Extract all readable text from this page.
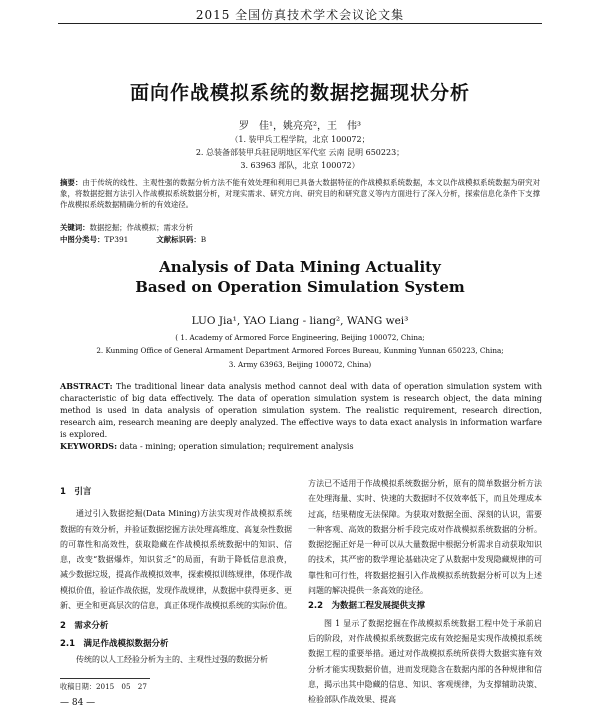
2015 全国仿真技术学术会议论文集
面向作战模拟系统的数据挖掘现状分析
罗　佳¹，姚亮亮²，王　伟³
（1. 装甲兵工程学院，北京 100072；
2. 总装备部装甲兵驻昆明地区军代室 云南 昆明 650223；
3. 63963 部队，北京 100072）
摘要：由于传统的线性、主观性强的数据分析方法不能有效处理和利用已具备大数据特征的作战模拟系统数据，本文以作战模拟系统数据为研究对象，将数据挖掘方法引入作战模拟系统数据分析，对现实需求、研究方向、研究目的和研究意义等内方面进行了深入分析，探索信息化条件下支撑作战模拟系统数据精确分析的有效途径。
关键词：数据挖掘；作战模拟；需求分析
中图分类号：TP391	文献标识码：B
Analysis of Data Mining Actuality
Based on Operation Simulation System
LUO Jia¹, YAO Liang - liang², WANG wei³
( 1. Academy of Armored Force Engineering, Beijing 100072, China;
2. Kunming Office of General Armament Department Armored Forces Bureau, Kunming Yunnan 650223, China;
3. Army 63963, Beijing 100072, China)
ABSTRACT: The traditional linear data analysis method cannot deal with data of operation simulation system with characteristic of big data effectively. The data of operation simulation system is research object, the data mining method is used in data analysis of operation simulation system. The realistic requirement, research direction, research aim, research meaning are deeply analyzed. The effective ways to data exact analysis in information warfare is explored.
KEYWORDS: data - mining; operation simulation; requirement analysis
1　引言

通过引入数据挖掘(Data Mining)方法实现对作战模拟系统数据的有效分析，并验证数据挖掘方法处理高维度、高复杂性数据的可靠性和高效性，获取隐藏在作战模拟系统数据中的知识、信息，改变“数据爆炸，知识贫乏”的局面，有助于降低信息浪费，减少数据垃圾，提高作战模拟效率，探索模拟训练规律，体现作战模拟价值，验证作战依据，发现作战规律，从数据中获得更多、更新、更全和更高层次的信息，真正体现作战模拟系统的实际价值。

2　需求分析
2.1　满足作战模拟数据分析

传统的以人工经验分析为主的、主观性过强的数据分析

收稿日期：2015　05　27
— 84 —

方法已不适用于作战模拟系统数据分析，原有的简单数据分析方法在处理海量、实时、快速的大数据时不仅效率低下，而且处理成本过高，结果精度无法保障。为获取对数据全面、深刻的认识，需要一种客观、高效的数据分析手段完成对作战模拟系统数据的分析。数据挖掘正好是一种可以从大量数据中根据分析需求自动获取知识的技术，其严密的数学理论基础决定了从数据中发现隐藏规律的可靠性和可行性，将数据挖掘引入作战模拟系统数据分析可以为上述问题的解决提供一条高效的途径。

2.2　为数据工程发展提供支撑

图 1 显示了数据挖掘在作战模拟系统数据工程中处于承前启后的阶段，对作战模拟系统数据完成有效挖掘是实现作战模拟系统数据工程的重要举措。通过对作战模拟系统所获得大数据实施有效分析才能实现数据价值，进而发现隐含在数据内部的各种规律和信息，揭示出其中隐藏的信息、知识、客观规律，为支撑辅助决策、检验部队作战效果、提高
